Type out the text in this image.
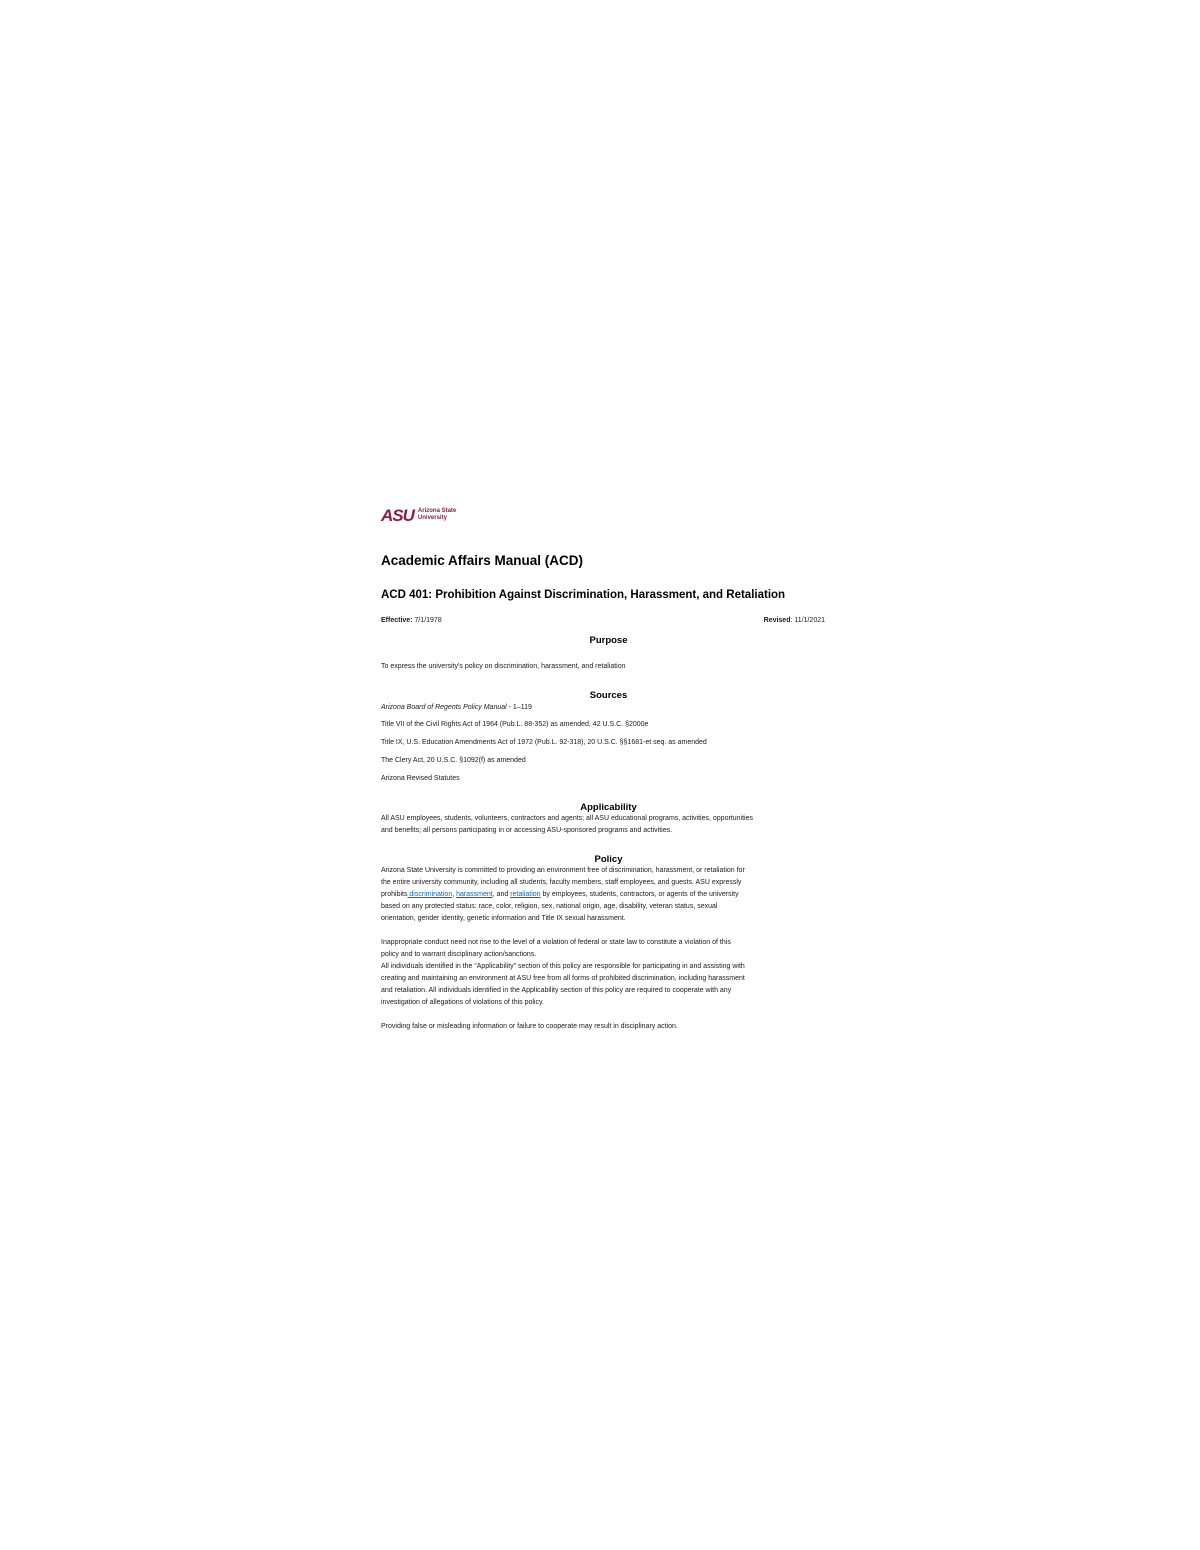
ASU Arizona State
University
Academic Affairs Manual (ACD)
ACD 401: Prohibition Against Discrimination, Harassment, and Retaliation
Effective: 7/1/1978	Revised: 11/1/2021
Purpose
To express the university's policy on discrimination, harassment, and retaliation
Sources
Arizona Board of Regents Policy Manual - 1–119
Title VII of the Civil Rights Act of 1964 (Pub.L. 88-352) as amended, 42 U.S.C. §2000e
Title IX, U.S. Education Amendments Act of 1972 (Pub.L. 92-318), 20 U.S.C. §§1681-et seq. as amended
The Clery Act, 20 U.S.C. §1092(f) as amended
Arizona Revised Statutes
Applicability
All ASU employees, students, volunteers, contractors and agents; all ASU educational programs, activities, opportunities
and benefits; all persons participating in or accessing ASU-sponsored programs and activities.
Policy
Arizona State University is committed to providing an environment free of discrimination, harassment, or retaliation for
the entire university community, including all students, faculty members, staff employees, and guests. ASU expressly
prohibits discrimination, harassment, and retaliation by employees, students, contractors, or agents of the university
based on any protected status: race, color, religion, sex, national origin, age, disability, veteran status, sexual
orientation, gender identity, genetic information and Title IX sexual harassment.
Inappropriate conduct need not rise to the level of a violation of federal or state law to constitute a violation of this
policy and to warrant disciplinary action/sanctions.
All individuals identified in the “Applicability” section of this policy are responsible for participating in and assisting with
creating and maintaining an environment at ASU free from all forms of prohibited discrimination, including harassment
and retaliation. All individuals identified in the Applicability section of this policy are required to cooperate with any
investigation of allegations of violations of this policy.
Providing false or misleading information or failure to cooperate may result in disciplinary action.
